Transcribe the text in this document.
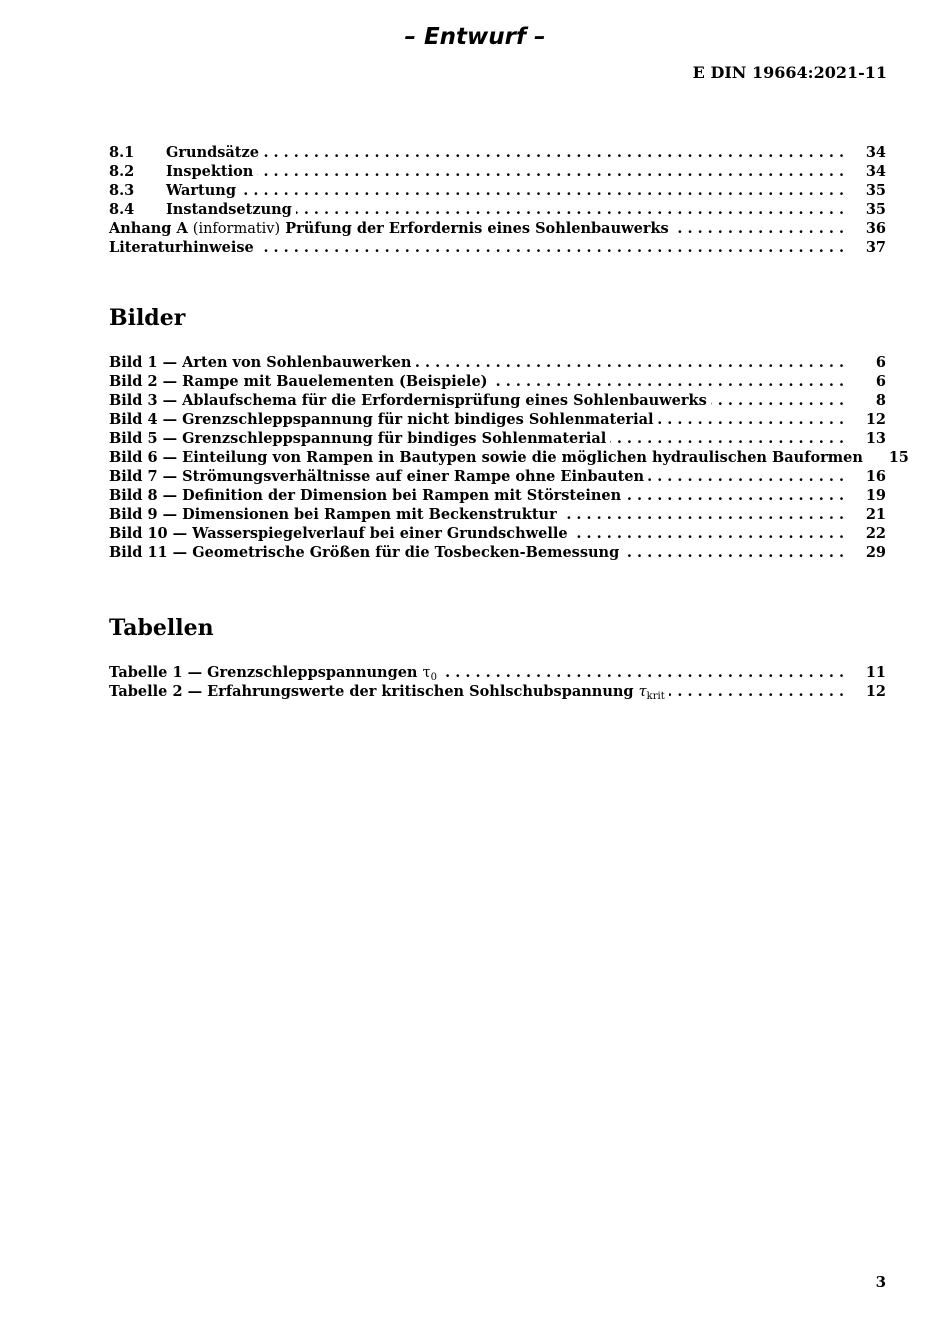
– Entwurf –
E DIN 19664:2021-11
8.1	Grundsätze . . .	34
8.2	Inspektion . . .	34
8.3	Wartung . . .	35
8.4	Instandsetzung . . .	35
Anhang A (informativ) Prüfung der Erfordernis eines Sohlenbauwerks . . .	36
Literaturhinweise . . .	37
Bilder
Bild 1 — Arten von Sohlenbauwerken . . .	6
Bild 2 — Rampe mit Bauelementen (Beispiele) . . .	6
Bild 3 — Ablaufschema für die Erfordernisprüfung eines Sohlenbauwerks . . .	8
Bild 4 — Grenzschleppspannung für nicht bindiges Sohlenmaterial . . .	12
Bild 5 — Grenzschleppspannung für bindiges Sohlenmaterial . . .	13
Bild 6 — Einteilung von Rampen in Bautypen sowie die möglichen hydraulischen Bauformen	15
Bild 7 — Strömungsverhältnisse auf einer Rampe ohne Einbauten . . .	16
Bild 8 — Definition der Dimension bei Rampen mit Störsteinen . . .	19
Bild 9 — Dimensionen bei Rampen mit Beckenstruktur . . .	21
Bild 10 — Wasserspiegelverlauf bei einer Grundschwelle . . .	22
Bild 11 — Geometrische Größen für die Tosbecken-Bemessung . . .	29
Tabellen
Tabelle 1 — Grenzschleppspannungen $\tau_0$ . . .	11
Tabelle 2 — Erfahrungswerte der kritischen Sohlschubspannung $\tau_{krit}$ . . .	12
3
